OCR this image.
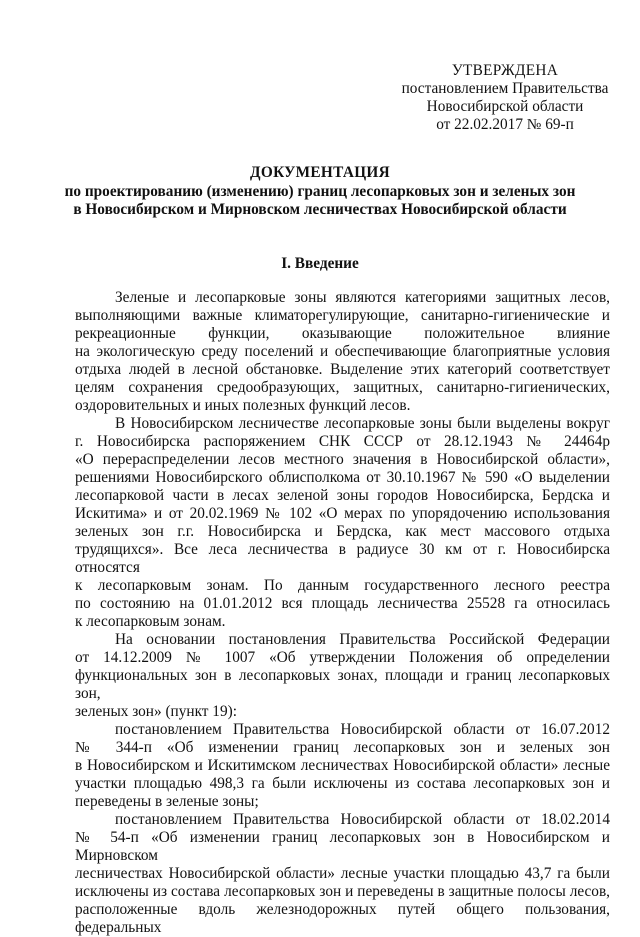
УТВЕРЖДЕНА
постановлением Правительства
Новосибирской области
от 22.02.2017 № 69-п
ДОКУМЕНТАЦИЯ
по проектированию (изменению) границ лесопарковых зон и зеленых зон
в Новосибирском и Мирновском лесничествах Новосибирской области
I. Введение

Зеленые и лесопарковые зоны являются категориями защитных лесов,
выполняющими важные климаторегулирующие, санитарно-гигиенические и
рекреационные функции, оказывающие положительное влияние
на экологическую среду поселений и обеспечивающие благоприятные условия
отдыха людей в лесной обстановке. Выделение этих категорий соответствует
целям сохранения средообразующих, защитных, санитарно-гигиенических,
оздоровительных и иных полезных функций лесов.

В Новосибирском лесничестве лесопарковые зоны были выделены вокруг
г. Новосибирска распоряжением СНК СССР от 28.12.1943 № 24464р
«О перераспределении лесов местного значения в Новосибирской области»,
решениями Новосибирского облисполкома от 30.10.1967 № 590 «О выделении
лесопарковой части в лесах зеленой зоны городов Новосибирска, Бердска и
Искитима» и от 20.02.1969 № 102 «О мерах по упорядочению использования
зеленых зон г.г. Новосибирска и Бердска, как мест массового отдыха
трудящихся». Все леса лесничества в радиусе 30 км от г. Новосибирска относятся
к лесопарковым зонам. По данным государственного лесного реестра
по состоянию на 01.01.2012 вся площадь лесничества 25528 га относилась
к лесопарковым зонам.

На основании постановления Правительства Российской Федерации
от 14.12.2009 № 1007 «Об утверждении Положения об определении
функциональных зон в лесопарковых зонах, площади и границ лесопарковых зон,
зеленых зон» (пункт 19):

постановлением Правительства Новосибирской области от 16.07.2012
№ 344-п «Об изменении границ лесопарковых зон и зеленых зон
в Новосибирском и Искитимском лесничествах Новосибирской области» лесные
участки площадью 498,3 га были исключены из состава лесопарковых зон и
переведены в зеленые зоны;

постановлением Правительства Новосибирской области от 18.02.2014
№ 54-п «Об изменении границ лесопарковых зон в Новосибирском и Мирновском
лесничествах Новосибирской области» лесные участки площадью 43,7 га были
исключены из состава лесопарковых зон и переведены в защитные полосы лесов,
расположенные вдоль железнодорожных путей общего пользования, федеральных
